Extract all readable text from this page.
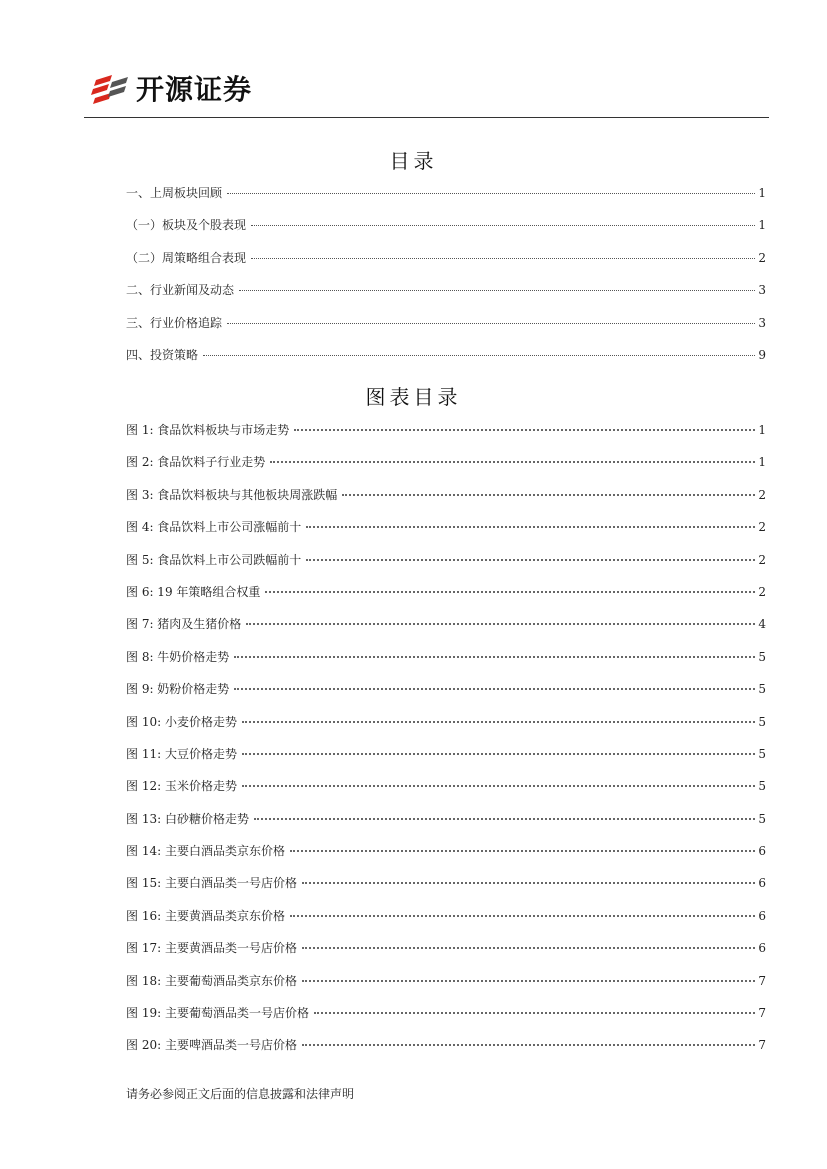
开源证券
目录
一、上周板块回顾	1
（一）板块及个股表现	1
（二）周策略组合表现	2
二、行业新闻及动态	3
三、行业价格追踪	3
四、投资策略	9
图表目录
图 1: 食品饮料板块与市场走势	1
图 2: 食品饮料子行业走势	1
图 3: 食品饮料板块与其他板块周涨跌幅	2
图 4: 食品饮料上市公司涨幅前十	2
图 5: 食品饮料上市公司跌幅前十	2
图 6: 19 年策略组合权重	2
图 7: 猪肉及生猪价格	4
图 8: 牛奶价格走势	5
图 9: 奶粉价格走势	5
图 10: 小麦价格走势	5
图 11: 大豆价格走势	5
图 12: 玉米价格走势	5
图 13: 白砂糖价格走势	5
图 14: 主要白酒品类京东价格	6
图 15: 主要白酒品类一号店价格	6
图 16: 主要黄酒品类京东价格	6
图 17: 主要黄酒品类一号店价格	6
图 18: 主要葡萄酒品类京东价格	7
图 19: 主要葡萄酒品类一号店价格	7
图 20: 主要啤酒品类一号店价格	7
请务必参阅正文后面的信息披露和法律声明
